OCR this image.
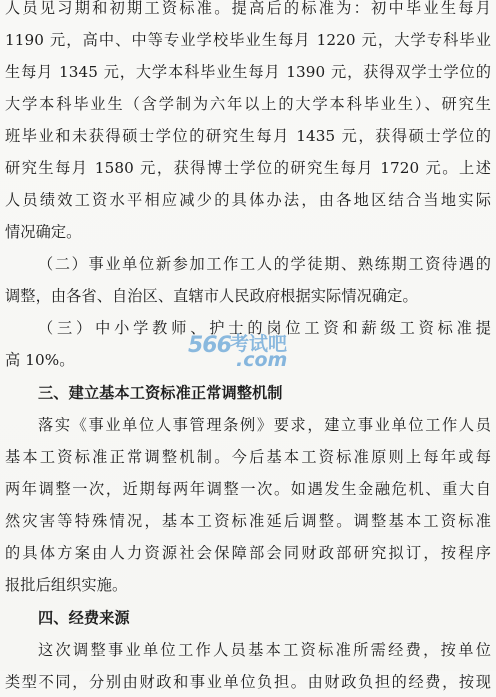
人员见习期和初期工资标准。提高后的标准为：初中毕业生每月
1190 元，高中、中等专业学校毕业生每月 1220 元，大学专科毕业
生每月 1345 元，大学本科毕业生每月 1390 元，获得双学士学位的
大学本科毕业生（含学制为六年以上的大学本科毕业生）、研究生
班毕业和未获得硕士学位的研究生每月 1435 元，获得硕士学位的
研究生每月 1580 元，获得博士学位的研究生每月 1720 元。上述
人员绩效工资水平相应减少的具体办法，由各地区结合当地实际
情况确定。
（二）事业单位新参加工作工人的学徒期、熟练期工资待遇的
调整，由各省、自治区、直辖市人民政府根据实际情况确定。
（三）中小学教师、护士的岗位工资和薪级工资标准提
高 10%。
三、建立基本工资标准正常调整机制
落实《事业单位人事管理条例》要求，建立事业单位工作人员
基本工资标准正常调整机制。今后基本工资标准原则上每年或每
两年调整一次，近期每两年调整一次。如遇发生金融危机、重大自
然灾害等特殊情况，基本工资标准延后调整。调整基本工资标准
的具体方案由人力资源社会保障部会同财政部研究拟订，按程序
报批后组织实施。
四、经费来源
这次调整事业单位工作人员基本工资标准所需经费，按单位
类型不同，分别由财政和事业单位负担。由财政负担的经费，按现
566 考试吧
.com
